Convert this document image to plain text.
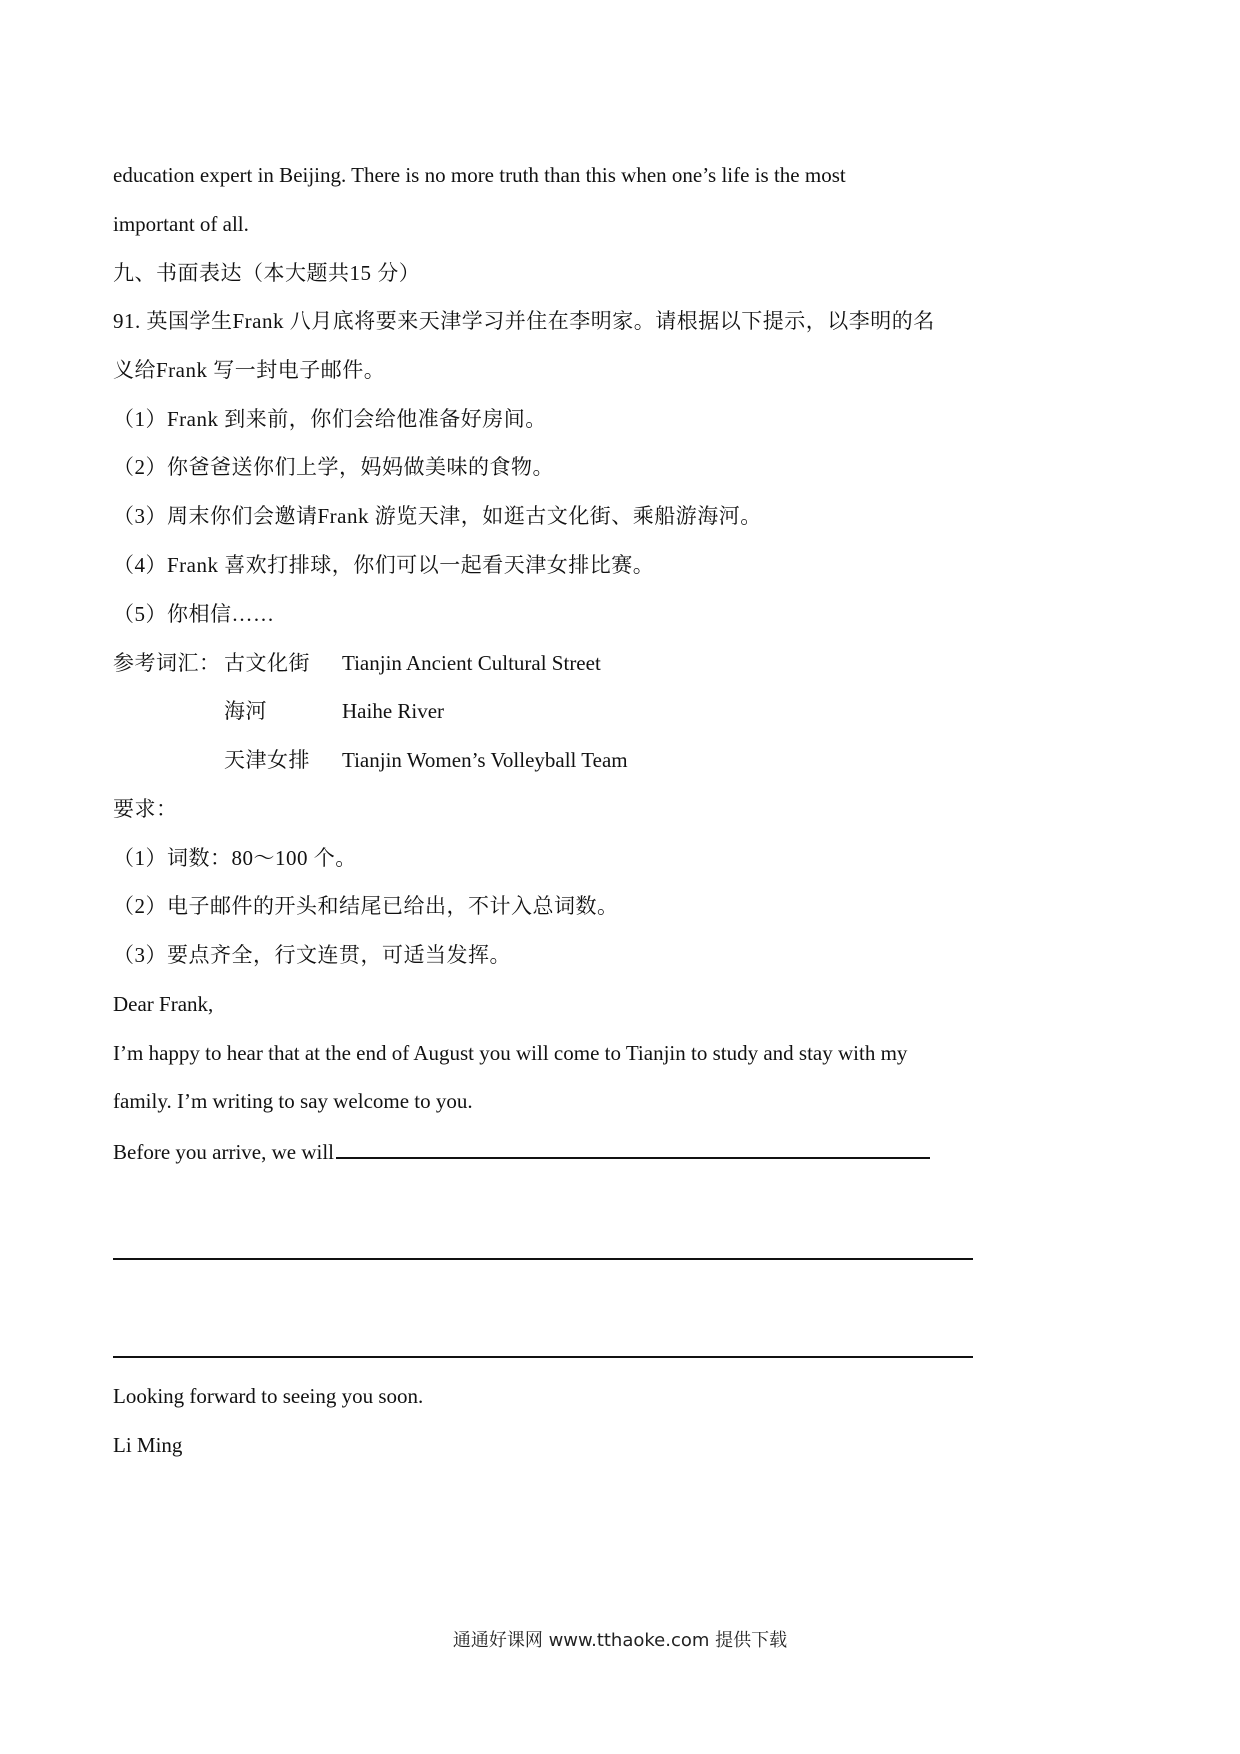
education expert in Beijing. There is no more truth than this when one’s life is the most
important of all.
九、书面表达（本大题共15 分）
91. 英国学生Frank 八月底将要来天津学习并住在李明家。请根据以下提示，以李明的名
义给Frank 写一封电子邮件。
（1）Frank 到来前，你们会给他准备好房间。
（2）你爸爸送你们上学，妈妈做美味的食物。
（3）周末你们会邀请Frank 游览天津，如逛古文化街、乘船游海河。
（4）Frank 喜欢打排球，你们可以一起看天津女排比赛。
（5）你相信……
参考词汇： 古文化街 Tianjin Ancient Cultural Street
海河	Haihe River
天津女排 Tianjin Women’s Volleyball Team
要求：
（1）词数：80～100 个。
（2）电子邮件的开头和结尾已给出，不计入总词数。
（3）要点齐全，行文连贯，可适当发挥。
Dear Frank,
I’m happy to hear that at the end of August you will come to Tianjin to study and stay with my
family. I’m writing to say welcome to you.
Before you arrive, we will
Looking forward to seeing you soon.
Li Ming
通通好课网 www.tthaoke.com 提供下载
